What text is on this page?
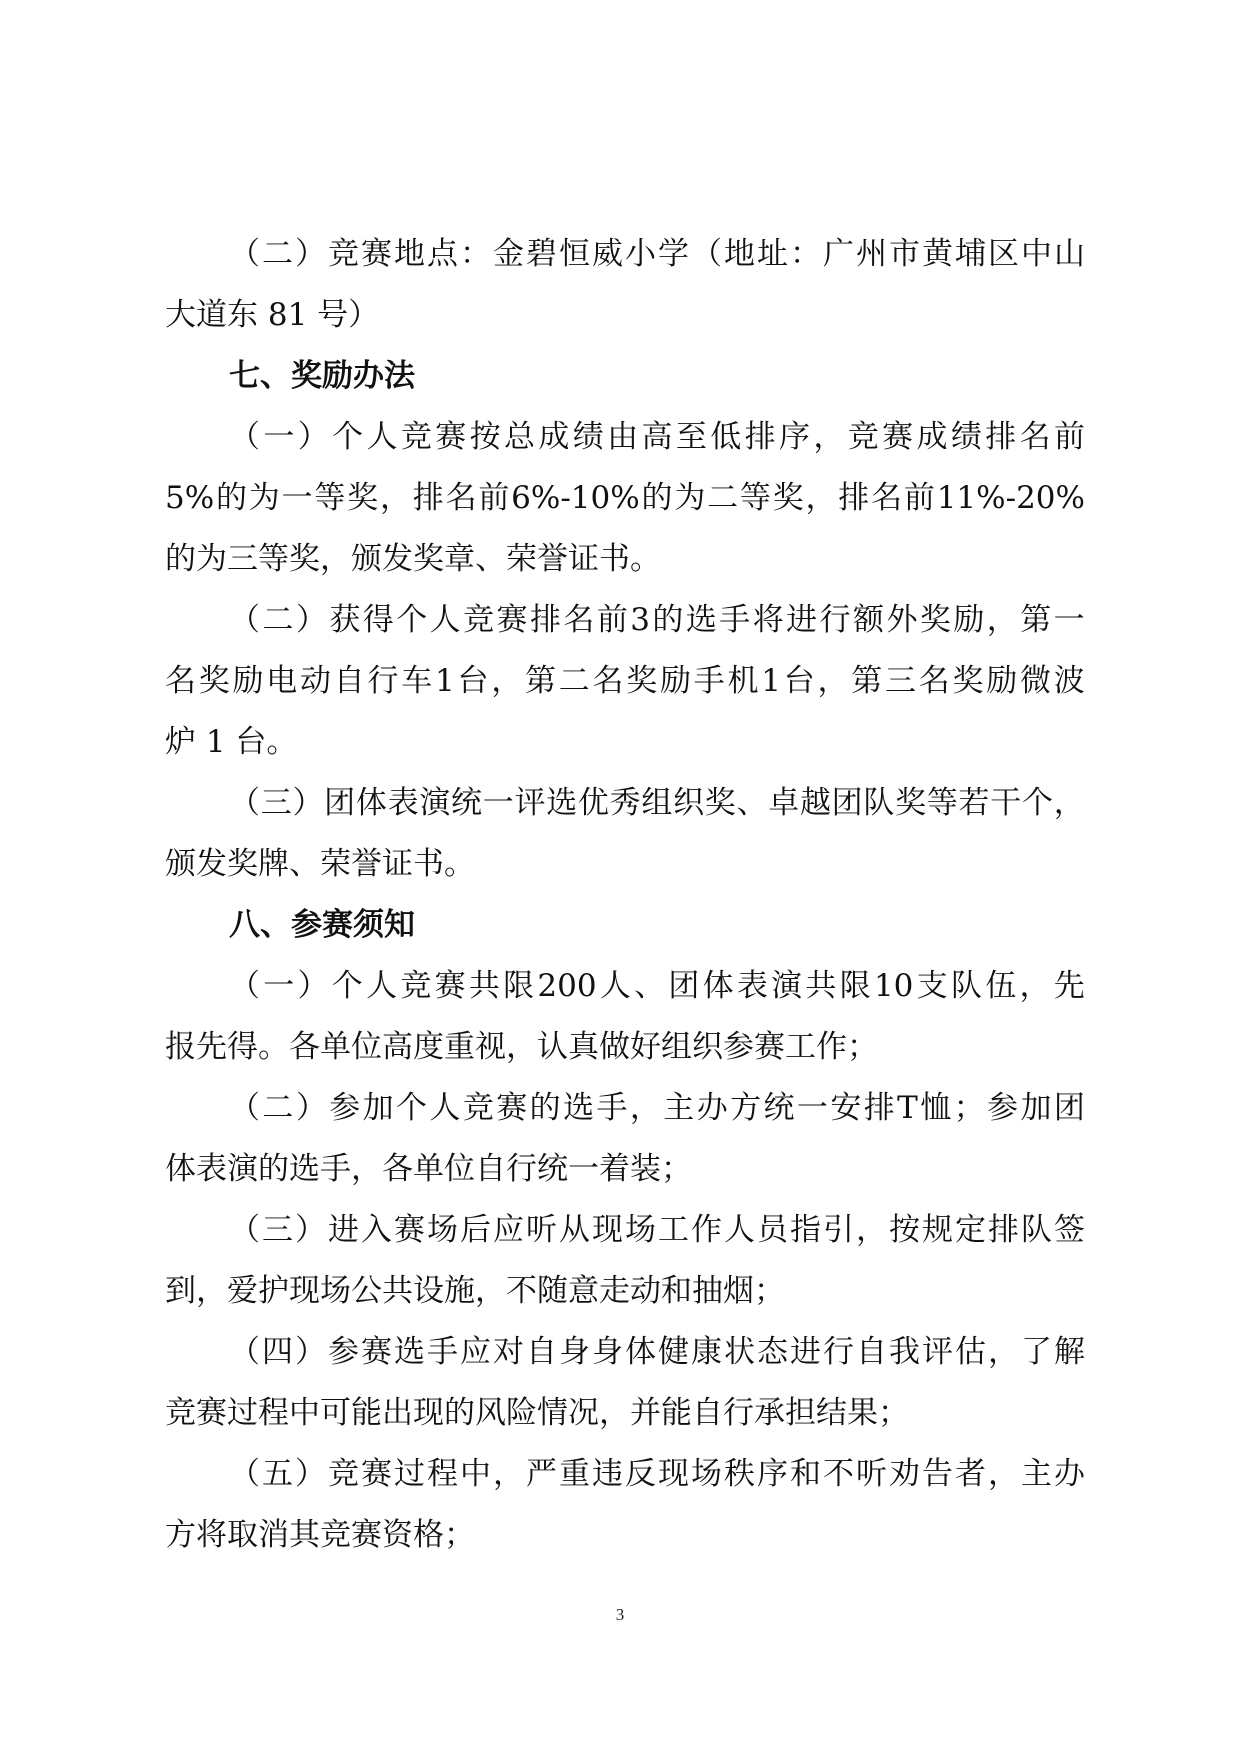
（ 二 ） 竞 赛 地 点 ： 金 碧 恒 威 小 学 （ 地 址 ： 广 州 市 黄 埔 区 中 山
大道东 81 号）
七、奖励办法
（ 一 ） 个 人 竞 赛 按 总 成 绩 由 高 至 低 排 序 ， 竞 赛 成 绩 排 名 前
5% 的 为 一 等 奖 ， 排 名 前 6%-10% 的 为 二 等 奖 ， 排 名 前 11%-20%
的为三等奖，颁发奖章、荣誉证书。
（ 二 ） 获 得 个 人 竞 赛 排 名 前 3 的 选 手 将 进 行 额 外 奖 励 ， 第 一
名 奖 励 电 动 自 行 车 1 台 ， 第 二 名 奖 励 手 机 1 台 ， 第 三 名 奖 励 微 波
炉 1 台。
（ 三 ） 团 体 表 演 统 一 评 选 优 秀 组 织 奖 、 卓 越 团 队 奖 等 若 干 个 ，
颁发奖牌、荣誉证书。
八、参赛须知
（ 一 ） 个 人 竞 赛 共 限 200 人 、 团 体 表 演 共 限 10 支 队 伍 ， 先
报先得。各单位高度重视，认真做好组织参赛工作；
（ 二 ） 参 加 个 人 竞 赛 的 选 手 ， 主 办 方 统 一 安 排 T 恤 ； 参 加 团
体表演的选手，各单位自行统一着装；
（ 三 ） 进 入 赛 场 后 应 听 从 现 场 工 作 人 员 指 引 ， 按 规 定 排 队 签
到，爱护现场公共设施，不随意走动和抽烟；
（ 四 ） 参 赛 选 手 应 对 自 身 身 体 健 康 状 态 进 行 自 我 评 估 ， 了 解
竞赛过程中可能出现的风险情况，并能自行承担结果；
（ 五 ） 竞 赛 过 程 中 ， 严 重 违 反 现 场 秩 序 和 不 听 劝 告 者 ， 主 办
方将取消其竞赛资格；
3
